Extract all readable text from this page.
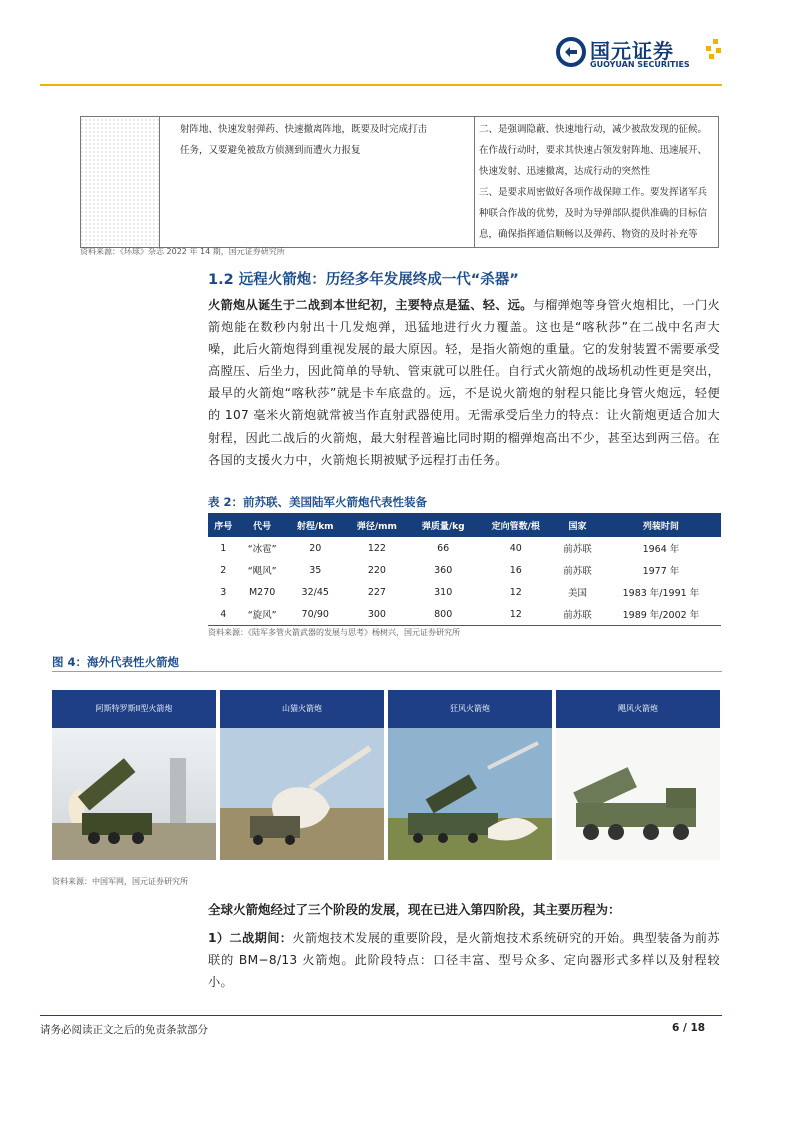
国元证券
GUOYUAN SECURITIES

射阵地、快速发射弹药、快速撤离阵地，既要及时完成打击
任务，又要避免被敌方侦测到而遭火力报复

二、是强调隐蔽、快速地行动，减少被敌发现的征候。
在作战行动时，要求其快速占领发射阵地、迅速展开、
快速发射、迅速撤离，达成行动的突然性
三、是要求周密做好各项作战保障工作。要发挥诸军兵
种联合作战的优势，及时为导弹部队提供准确的目标信
息，确保指挥通信顺畅以及弹药、物资的及时补充等
资料来源：《环球》杂志 2022 年 14 期，国元证券研究所
1.2 远程火箭炮：历经多年发展终成一代“杀器”
火箭炮从诞生于二战到本世纪初，主要特点是猛、轻、远。与榴弹炮等身管火炮相比，一门火箭炮能在数秒内射出十几发炮弹，迅猛地进行火力覆盖。这也是“喀秋莎”在二战中名声大噪，此后火箭炮得到重视发展的最大原因。轻，是指火箭炮的重量。它的发射装置不需要承受高膛压、后坐力，因此简单的导轨、管束就可以胜任。自行式火箭炮的战场机动性更是突出，最早的火箭炮“喀秋莎”就是卡车底盘的。远，不是说火箭炮的射程只能比身管火炮远，轻便的 107 毫米火箭炮就常被当作直射武器使用。无需承受后坐力的特点：让火箭炮更适合加大射程，因此二战后的火箭炮，最大射程普遍比同时期的榴弹炮高出不少，甚至达到两三倍。在各国的支援火力中，火箭炮长期被赋予远程打击任务。
表 2：前苏联、美国陆军火箭炮代表性装备
序号	代号	射程/km	弹径/mm	弹质量/kg	定向管数/根	国家	列装时间
1	“冰雹”	20	122	66	40	前苏联	1964 年
2	“飓风”	35	220	360	16	前苏联	1977 年
3	M270	32/45	227	310	12	美国	1983 年/1991 年
4	“旋风”	70/90	300	800	12	前苏联	1989 年/2002 年
资料来源：《陆军多管火箭武器的发展与思考》杨树兴，国元证券研究所
图 4：海外代表性火箭炮
阿斯特罗斯II型火箭炮	山猫火箭炮	狂风火箭炮	飓风火箭炮
资料来源：中国军网，国元证券研究所
全球火箭炮经过了三个阶段的发展，现在已进入第四阶段，其主要历程为：
1）二战期间：火箭炮技术发展的重要阶段，是火箭炮技术系统研究的开始。典型装备为前苏联的 BM−8/13 火箭炮。此阶段特点：口径丰富、型号众多、定向器形式多样以及射程较小。
请务必阅读正文之后的免责条款部分	6 / 18
